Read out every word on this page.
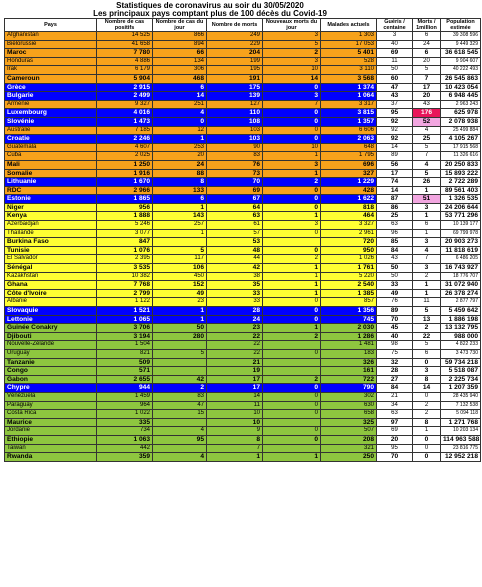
Statistiques de coronavirus au soir du 30/05/2020
Les principaux pays comptant plus de 100 décès du Covid-19
Pays	Nombre de cas positifs	Nombre de cas du jour	Nombre de morts	Nouveaux morts du jour	Malades actuels	Guéris / centaine	Morts / 1million	Population estimée
Afghanistan	14 525	866	249	3	1 303	3	6	39 308 596
Biélorussie	41 658	894	229	5	17 053	40	24	9 449 329
Maroc	7 780	66	204	2	5 401	69	6	36 618 545
Honduras	4 886	134	199	3	528	11	20	9 904 607
Irak	6 179	306	195	10	3 110	50	5	40 222 493
Cameroun	5 904	468	191	14	3 568	60	7	26 545 863
Grèce	2 915	6	175	0	1 374	47	17	10 423 054
Bulgarie	2 499	14	139	3	1 064	43	20	6 948 445
Arménie	9 327	251	127	7	3 317	37	43	2 963 243
Luxembourg	4 016	4	110	0	3 815	95	176	625 978
Slovénie	1 473	0	108	0	1 357	92	52	2 078 938
Australie	7 185	12	103	0	6 606	92	4	25 499 884
Croatie	2 246	1	103	0	2 063	92	25	4 105 267
Guatemala	4 607	253	90	10	648	14	5	17 915 568
Cuba	2 025	20	83	1	1 795	89	7	11 326 616
Mali	1 250	24	76	3	696	56	4	20 250 833
Somalie	1 916	88	73	1	327	17	5	15 893 222
Lithuanie	1 670	8	70	2	1 229	74	26	2 722 289
RDC	2 966	133	69	0	428	14	1	89 561 403
Estonie	1 865	6	67	0	1 622	87	51	1 326 535
Niger	956	1	64	0	818	86	3	24 206 644
Kenya	1 888	143	63	1	464	25	1	53 771 296
Azerbaidjan	5 246	257	61	3	3 327	63	6	10 139 177
Thaïlande	3 077	1	57	0	2 961	96	1	69 799 978
Burkina Faso	847		53		720	85	3	20 903 273
Tunisie	1 076	5	48	0	950	84	4	11 818 619
El Salvador	2 395	117	44	2	1 026	43	7	6 486 205
Sénégal	3 535	106	42	1	1 761	50	3	16 743 927
Kazakhstan	10 382	450	38	1	5 220	50	2	18 776 707
Ghana	7 768	152	35	1	2 540	33	1	31 072 940
Côte d'Ivoire	2 799	49	33	1	1 385	49	1	26 378 274
Albanie	1 122	23	33	0	857	76	11	2 877 797
Slovaquie	1 521	1	28	0	1 356	89	5	5 459 642
Lettonie	1 065	1	24	0	745	70	13	1 886 198
Guinée Conakry	3 706	50	23	1	2 030	45	2	13 132 795
Djibouti	3 194	280	22	2	1 286	40	22	988 000
Nouvelle-Zélande	1 504		22		1 481	98	5	4 822 233
Uruguay	821	5	22	0	183	75	6	3 473 730
Tanzanie	509		21		326	32	0	59 734 218
Congo	571		19		161	28	3	5 518 087
Gabon	2 655	42	17	2	722	27	8	2 225 734
Chypre	944	2	17	0	790	84	14	1 207 359
Vénézuela	1 459	83	14	0	302	21	0	28 435 940
Paraguay	964	47	11	0	630	34	2	7 132 538
Costa Rica	1 022	15	10	0	658	63	2	5 094 118
Maurice	335		10		325	97	8	1 271 768
Jordanie	734	4	9	0	507	69	1	10 203 134
Ethiopie	1 063	95	8	0	208	20	0	114 963 588
Taiwan	442		7		321	95	0	23 816 775
Rwanda	359	4	1	1	250	70	0	12 952 218
